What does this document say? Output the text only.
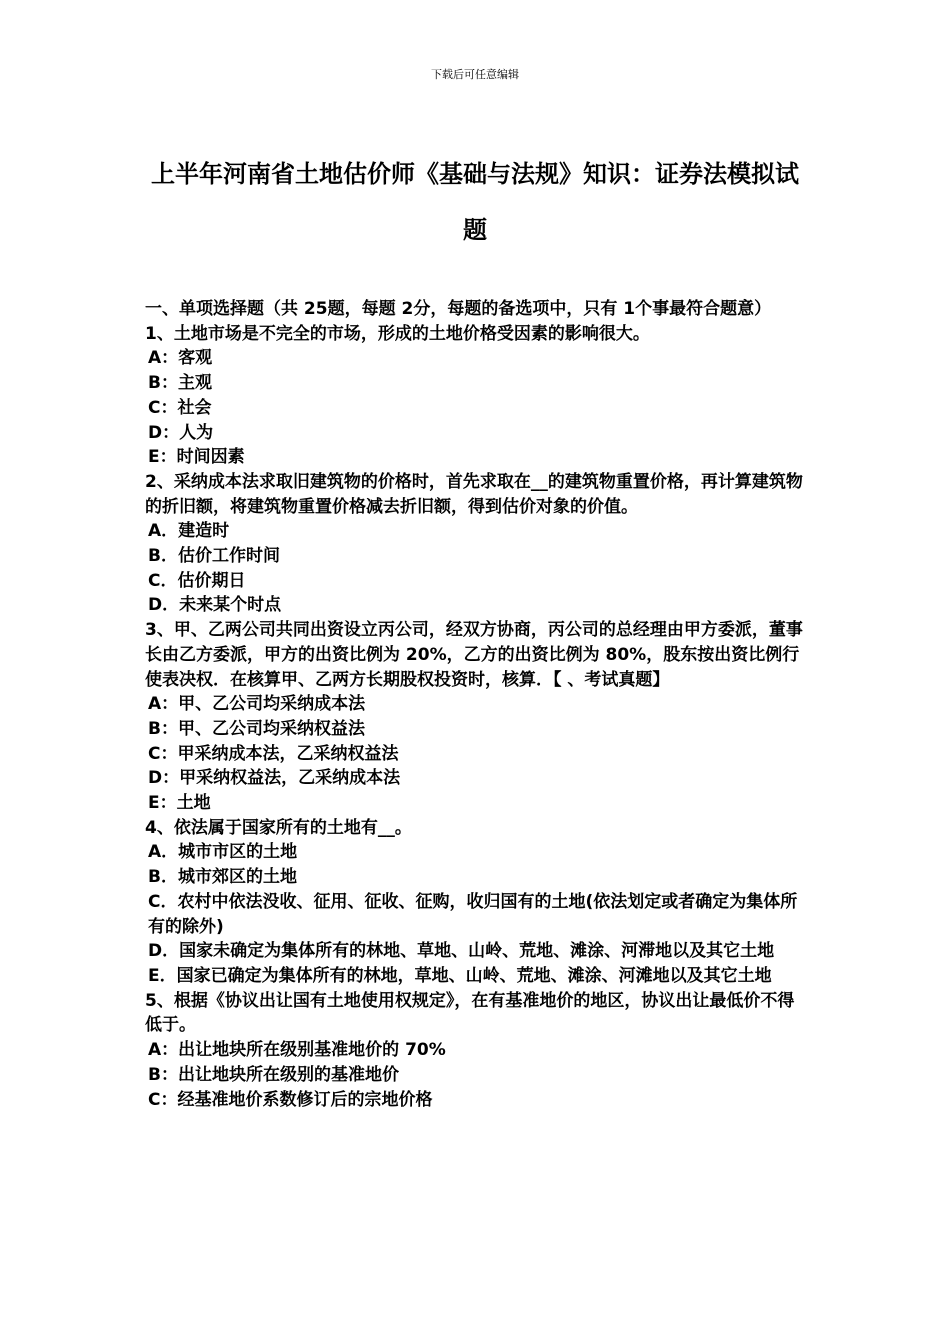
下载后可任意编辑
上半年河南省土地估价师《基础与法规》知识：证券法模拟试题

一、单项选择题（共 25题，每题 2分，每题的备选项中，只有 1个事最符合题意）

1、土地市场是不完全的市场，形成的土地价格受因素的影响很大。

A：客观

B：主观

C：社会

D：人为

E：时间因素

2、采纳成本法求取旧建筑物的价格时，首先求取在__的建筑物重置价格，再计算建筑物的折旧额，将建筑物重置价格减去折旧额，得到估价对象的价值。

A．建造时

B．估价工作时间

C．估价期日

D．未来某个时点

3、甲、乙两公司共同出资设立丙公司，经双方协商，丙公司的总经理由甲方委派，董事长由乙方委派，甲方的出资比例为 20%，乙方的出资比例为 80%，股东按出资比例行使表决权．在核算甲、乙两方长期股权投资时，核算．【 、考试真题】

A：甲、乙公司均采纳成本法

B：甲、乙公司均采纳权益法

C：甲采纳成本法，乙采纳权益法

D：甲采纳权益法，乙采纳成本法

E：土地

4、依法属于国家所有的土地有__。

A．城市市区的土地

B．城市郊区的土地

C．农村中依法没收、征用、征收、征购，收归国有的土地(依法划定或者确定为集体所有的除外)

D．国家未确定为集体所有的林地、草地、山岭、荒地、滩涂、河滞地以及其它土地

E．国家已确定为集体所有的林地，草地、山岭、荒地、滩涂、河滩地以及其它土地

5、根据《协议出让国有土地使用权规定》，在有基准地价的地区，协议出让最低价不得低于。

A：出让地块所在级别基准地价的 70%

B：出让地块所在级别的基准地价

C：经基准地价系数修订后的宗地价格
